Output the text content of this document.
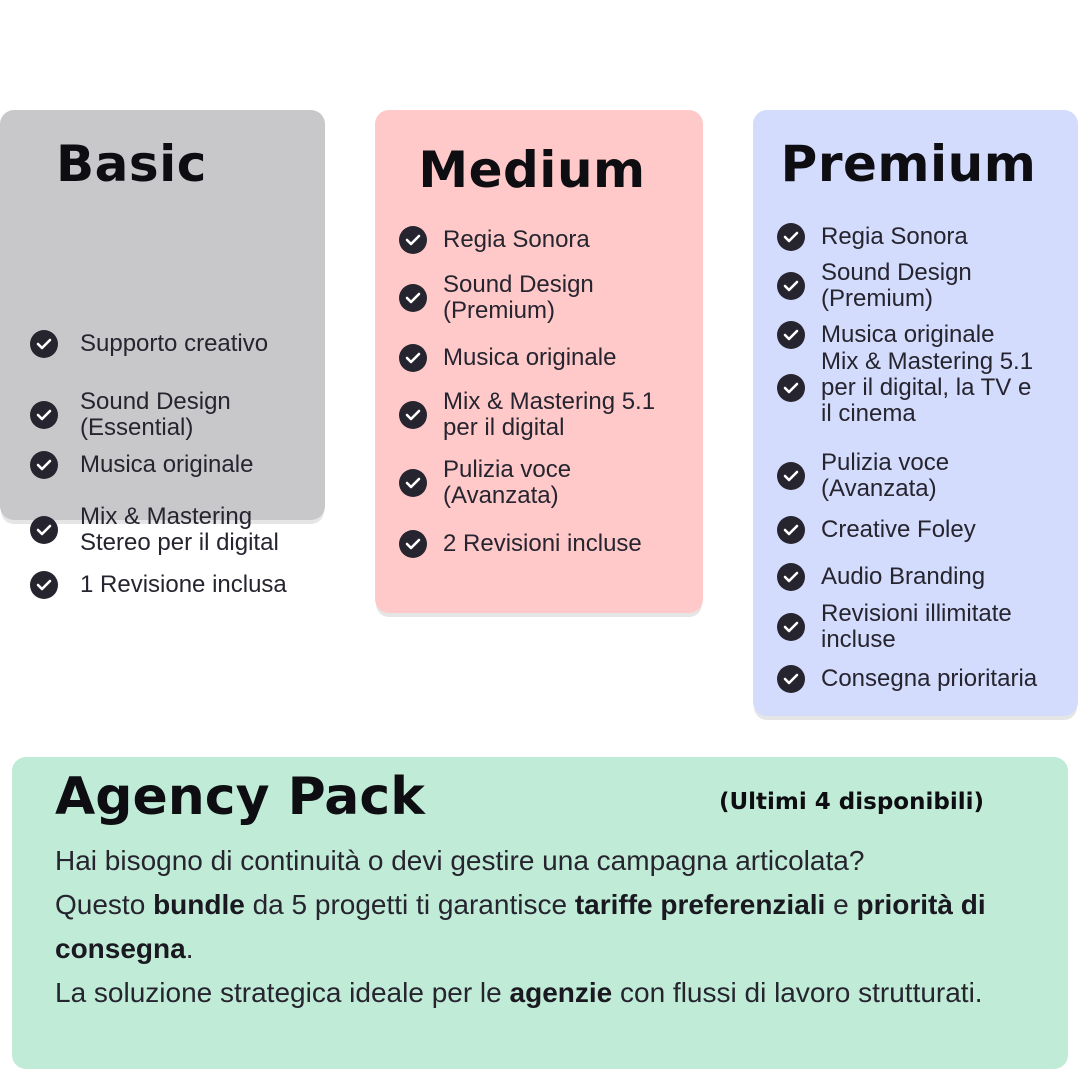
Basic
Supporto creativo
Sound Design
(Essential)
Musica originale
Mix & Mastering
Stereo per il digital
1 Revisione inclusa
Medium
Regia Sonora
Sound Design
(Premium)
Musica originale
Mix & Mastering 5.1
per il digital
Pulizia voce
(Avanzata)
2 Revisioni incluse
Premium
Regia Sonora
Sound Design
(Premium)
Musica originale
Mix & Mastering 5.1
per il digital, la TV e
il cinema
Pulizia voce
(Avanzata)
Creative Foley
Audio Branding
Revisioni illimitate
incluse
Consegna prioritaria
Agency Pack	(Ultimi 4 disponibili)

Hai bisogno di continuità o devi gestire una campagna articolata?

Questo bundle da 5 progetti ti garantisce tariffe preferenziali e priorità di consegna.

La soluzione strategica ideale per le agenzie con flussi di lavoro strutturati.
